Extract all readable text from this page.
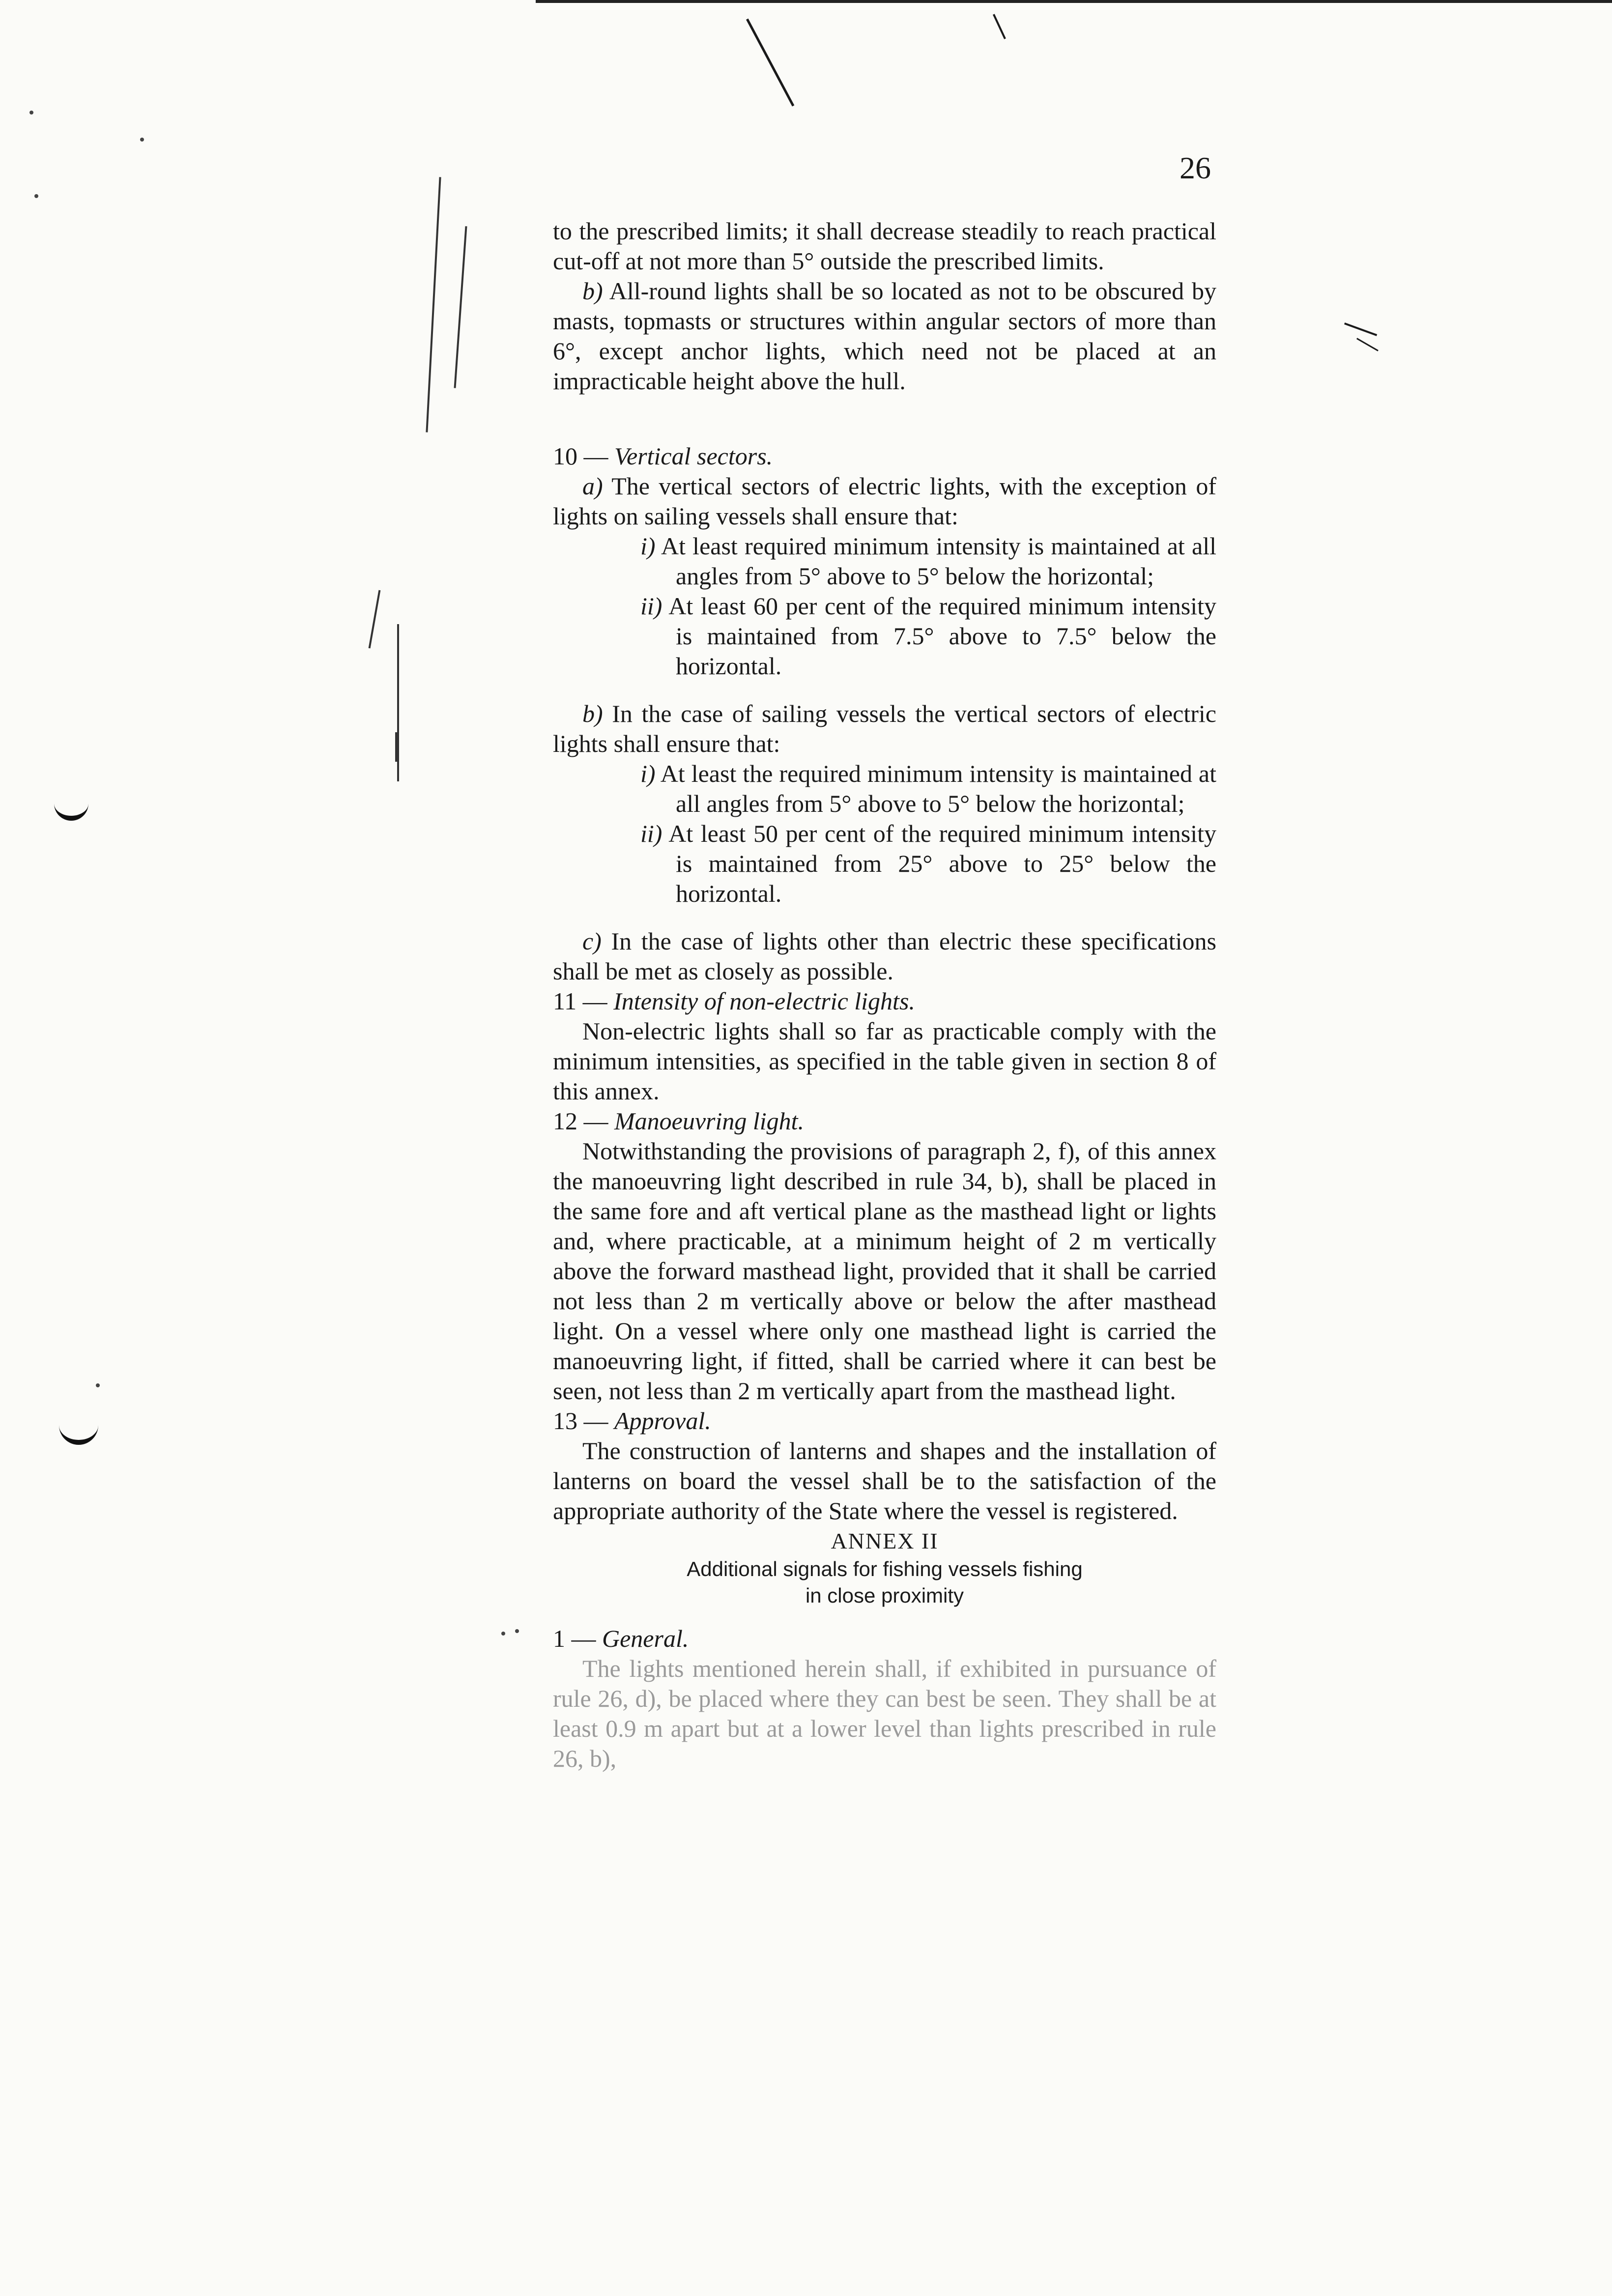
26

to the prescribed limits; it shall decrease steadily to reach practical cut-off at not more than 5° outside the prescribed limits.

b) All-round lights shall be so located as not to be obscured by masts, topmasts or structures within angular sectors of more than 6°, except anchor lights, which need not be placed at an impracticable height above the hull.

10 — Vertical sectors.

a) The vertical sectors of electric lights, with the exception of lights on sailing vessels shall ensure that:

i) At least required minimum intensity is maintained at all angles from 5° above to 5° below the horizontal;

ii) At least 60 per cent of the required minimum intensity is maintained from 7.5° above to 7.5° below the horizontal.

b) In the case of sailing vessels the vertical sectors of electric lights shall ensure that:

i) At least the required minimum intensity is maintained at all angles from 5° above to 5° below the horizontal;

ii) At least 50 per cent of the required minimum intensity is maintained from 25° above to 25° below the horizontal.

c) In the case of lights other than electric these specifications shall be met as closely as possible.

11 — Intensity of non-electric lights.

Non-electric lights shall so far as practicable comply with the minimum intensities, as specified in the table given in section 8 of this annex.

12 — Manoeuvring light.

Notwithstanding the provisions of paragraph 2, f), of this annex the manoeuvring light described in rule 34, b), shall be placed in the same fore and aft vertical plane as the masthead light or lights and, where practicable, at a minimum height of 2 m vertically above the forward masthead light, provided that it shall be carried not less than 2 m vertically above or below the after masthead light. On a vessel where only one masthead light is carried the manoeuvring light, if fitted, shall be carried where it can best be seen, not less than 2 m vertically apart from the masthead light.

13 — Approval.

The construction of lanterns and shapes and the installation of lanterns on board the vessel shall be to the satisfaction of the appropriate authority of the State where the vessel is registered.

ANNEX II

Additional signals for fishing vessels fishing

in close proximity

1 — General.

The lights mentioned herein shall, if exhibited in pursuance of rule 26, d), be placed where they can best be seen. They shall be at least 0.9 m apart but at a lower level than lights prescribed in rule 26, b),
